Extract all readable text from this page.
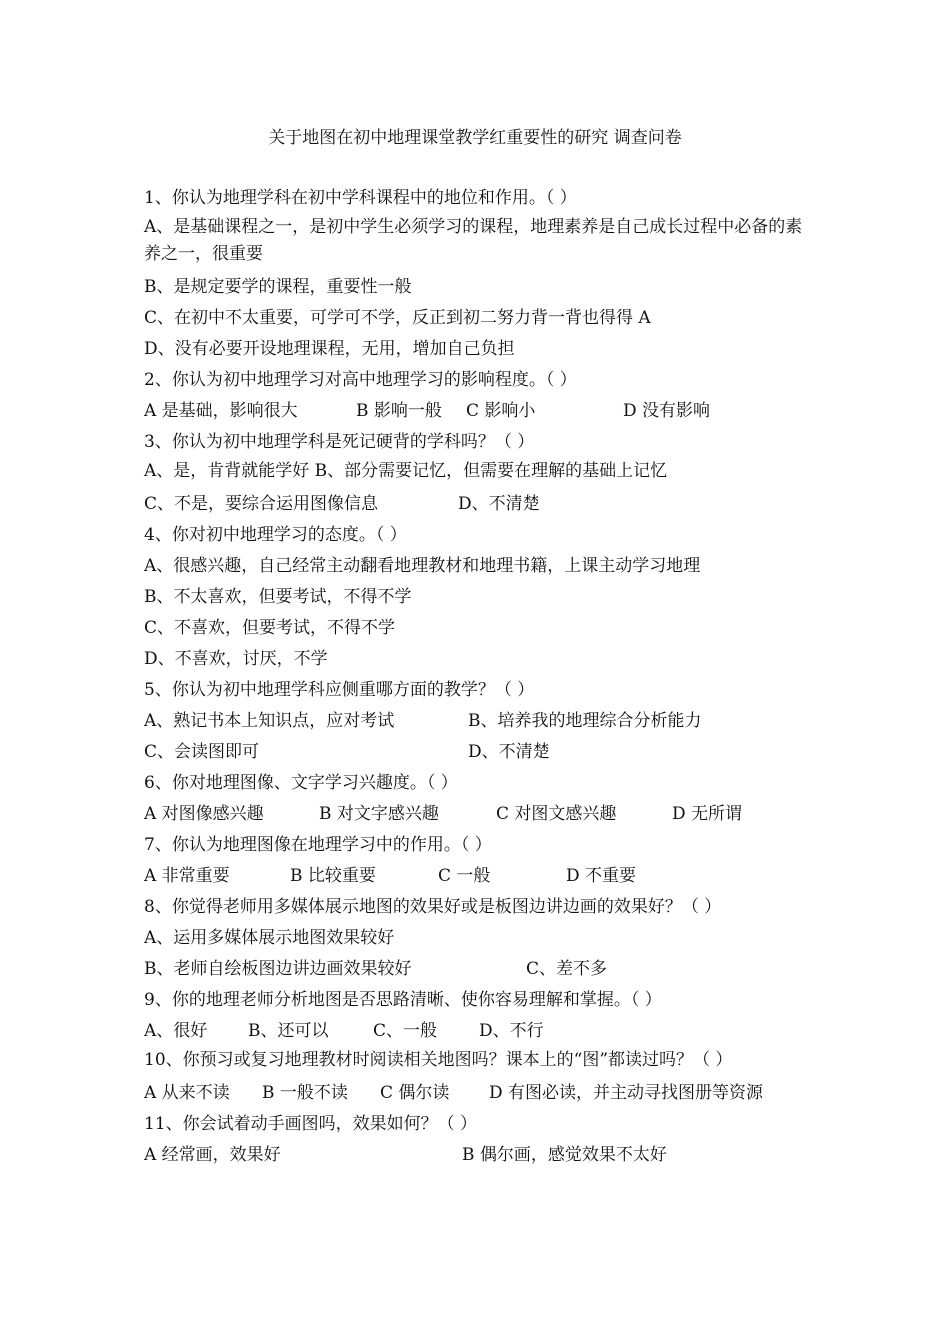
关于地图在初中地理课堂教学红重要性的研究 调查问卷
1、你认为地理学科在初中学科课程中的地位和作用。（ ）
A、是基础课程之一，是初中学生必须学习的课程，地理素养是自己成长过程中必备的素养之一，很重要
B、是规定要学的课程，重要性一般
C、在初中不太重要，可学可不学，反正到初二努力背一背也得得 A
D、没有必要开设地理课程，无用，增加自己负担
2、你认为初中地理学习对高中地理学习的影响程度。（ ）
A 是基础，影响很大	B 影响一般	C 影响小	D 没有影响
3、你认为初中地理学科是死记硬背的学科吗？（ ）
A、是，肯背就能学好 B、部分需要记忆，但需要在理解的基础上记忆
C、不是，要综合运用图像信息	D、不清楚
4、你对初中地理学习的态度。（ ）
A、很感兴趣，自己经常主动翻看地理教材和地理书籍，上课主动学习地理
B、不太喜欢，但要考试，不得不学
C、不喜欢，但要考试，不得不学
D、不喜欢，讨厌，不学
5、你认为初中地理学科应侧重哪方面的教学？（ ）
A、熟记书本上知识点，应对考试	B、培养我的地理综合分析能力
C、会读图即可	D、不清楚
6、你对地理图像、文字学习兴趣度。（ ）
A 对图像感兴趣	B 对文字感兴趣	C 对图文感兴趣	D 无所谓
7、你认为地理图像在地理学习中的作用。（ ）
A 非常重要	B 比较重要	C 一般	D 不重要
8、你觉得老师用多媒体展示地图的效果好或是板图边讲边画的效果好？（ ）
A、运用多媒体展示地图效果较好
B、老师自绘板图边讲边画效果较好	C、差不多
9、你的地理老师分析地图是否思路清晰、使你容易理解和掌握。（ ）
A、很好	B、还可以	C、一般	D、不行
10、你预习或复习地理教材时阅读相关地图吗？课本上的“图”都读过吗？（ ）
A 从来不读	B 一般不读	C 偶尔读	D 有图必读，并主动寻找图册等资源
11、你会试着动手画图吗，效果如何？（ ）
A 经常画，效果好	B 偶尔画，感觉效果不太好
